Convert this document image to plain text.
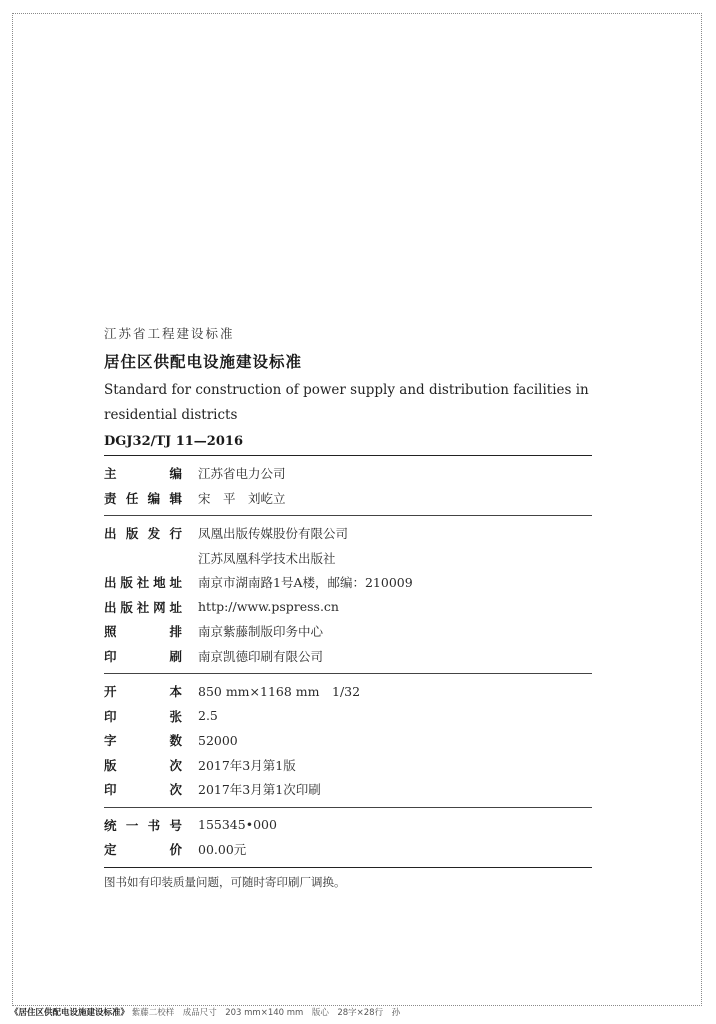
江苏省工程建设标准
居住区供配电设施建设标准
Standard for construction of power supply and distribution facilities in
residential districts
DGJ32/TJ 11—2016
主	编 江苏省电力公司
责 任 编 辑 宋　平　刘屹立
出 版 发 行 凤凰出版传媒股份有限公司
江苏凤凰科学技术出版社
出 版 社 地 址 南京市湖南路1号A楼，邮编：210009
出 版 社 网 址 http://www.pspress.cn
照	排 南京紫藤制版印务中心
印	刷 南京凯德印刷有限公司
开	本 850 mm×1168 mm　1/32
印	张 2.5
字	数 52000
版	次 2017年3月第1版
印	次 2017年3月第1次印刷
统 一 书 号 155345•000
定	价 00.00元
图书如有印装质量问题，可随时寄印刷厂调换。
《居住区供配电设施建设标准》 紫藤二校样　成品尺寸　203 mm×140 mm　版心　28字×28行　孙
